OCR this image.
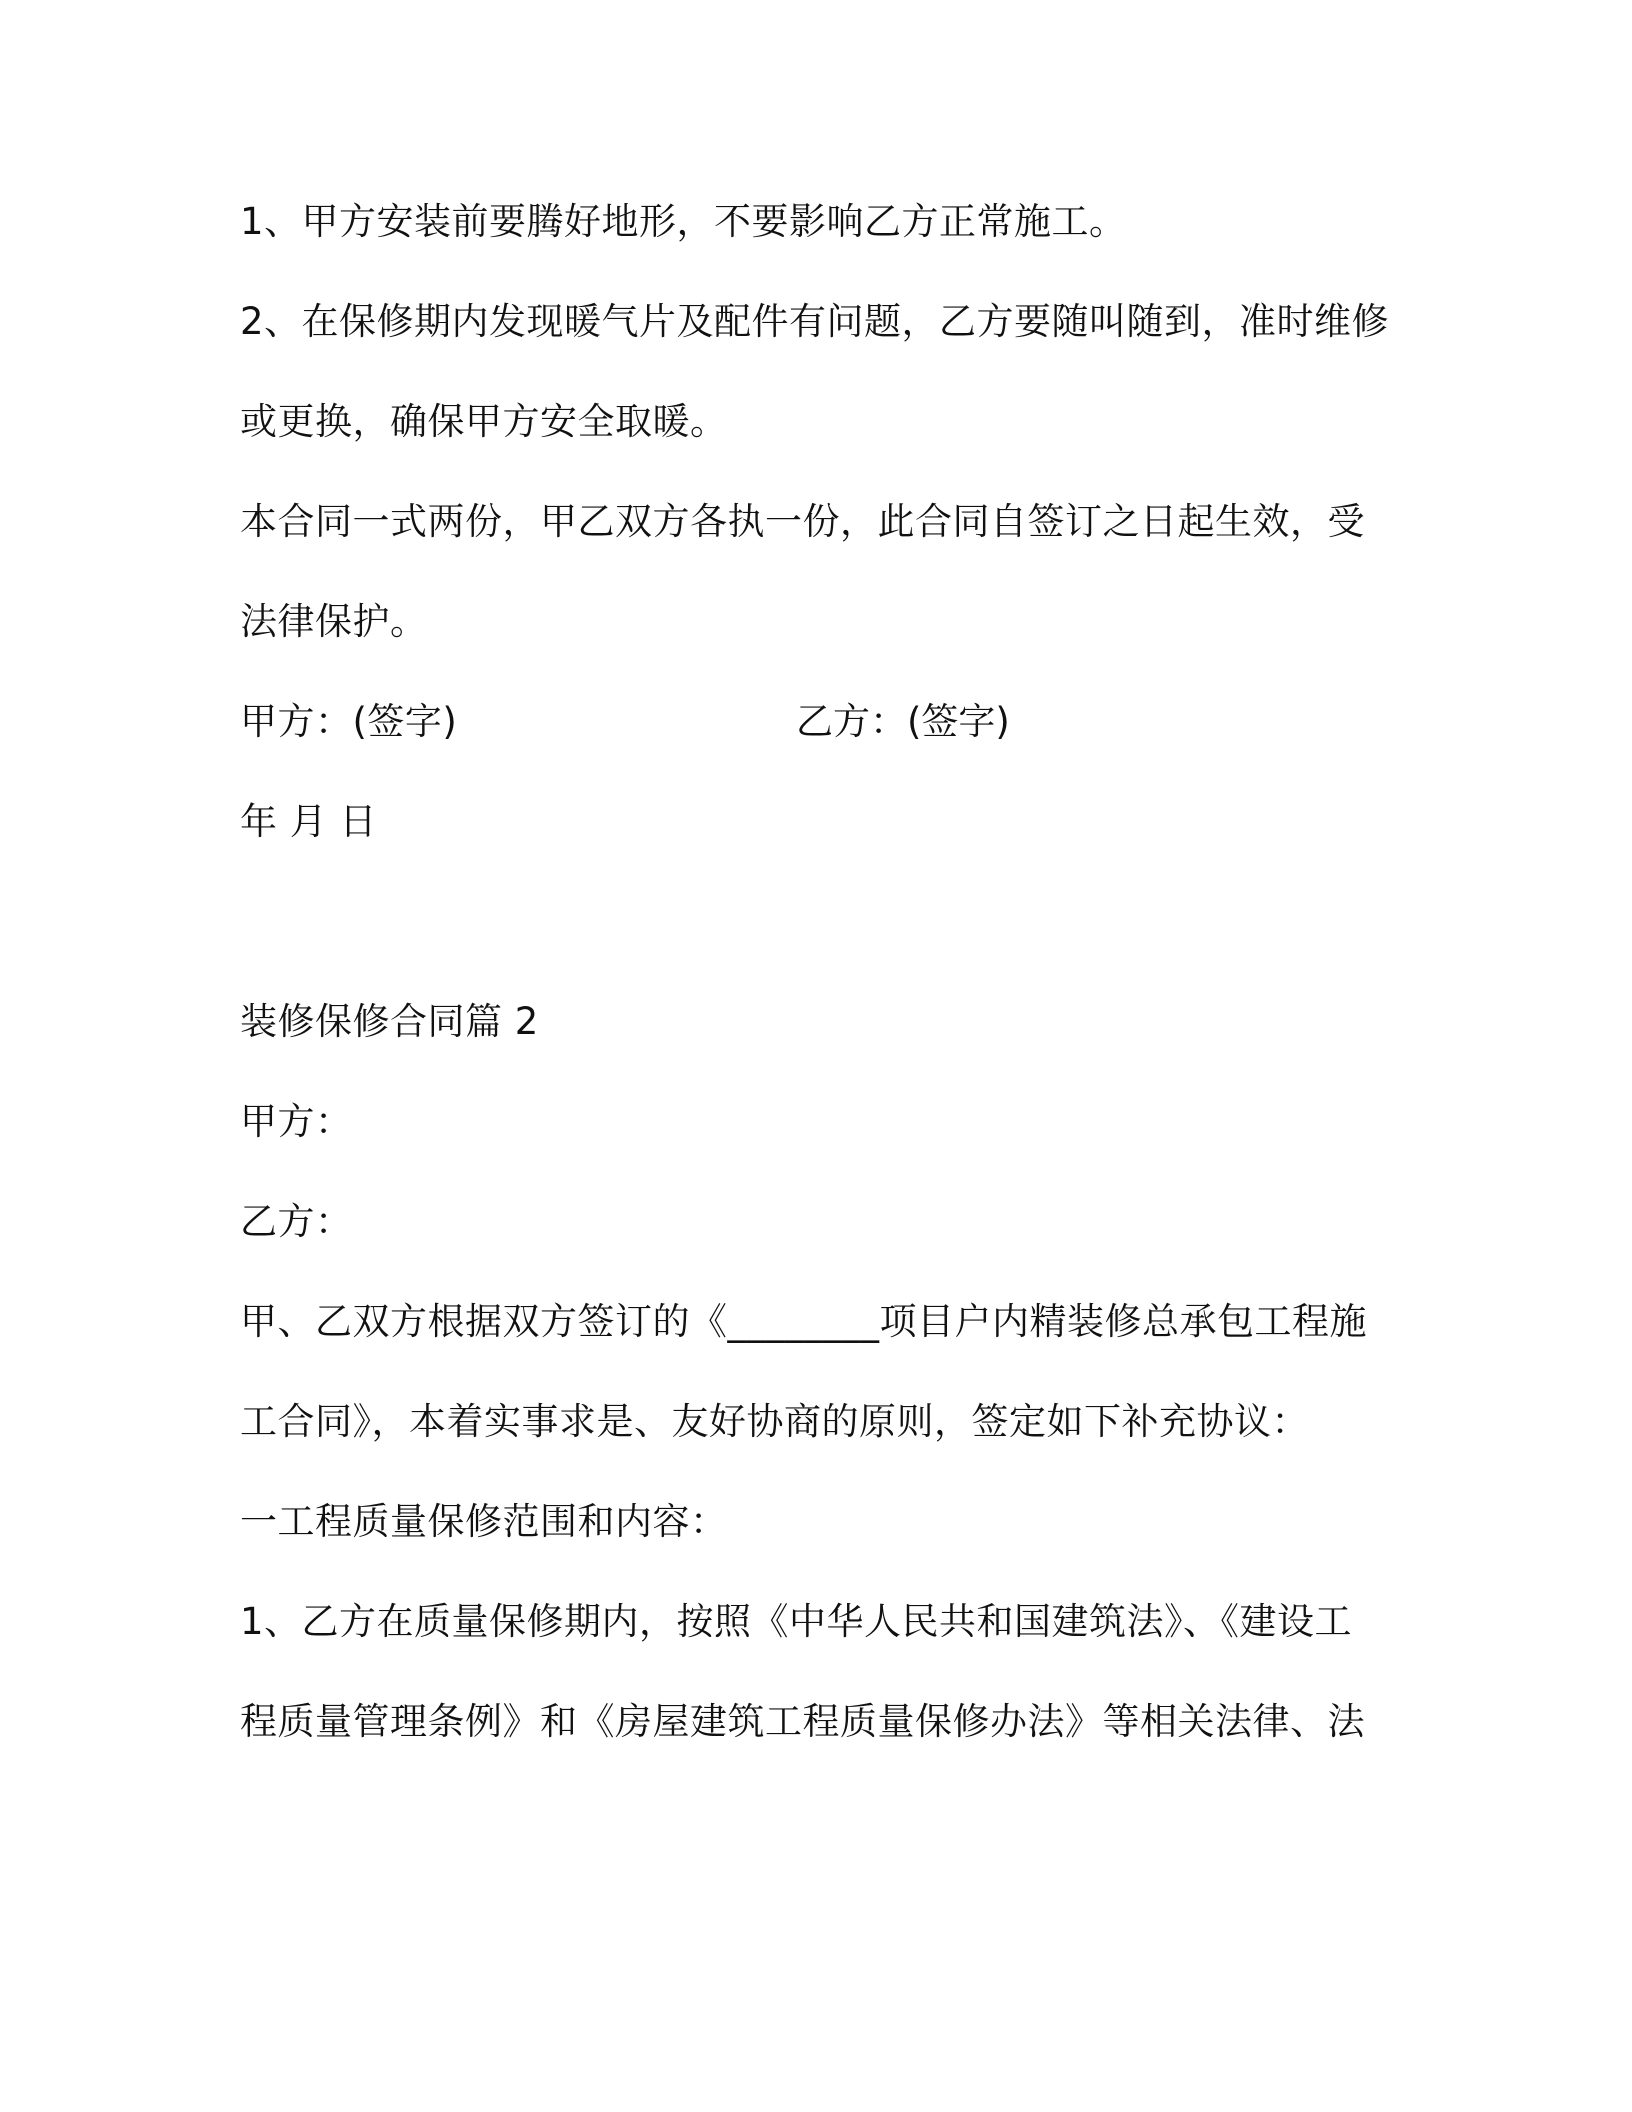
1、甲方安装前要腾好地形，不要影响乙方正常施工。
2、在保修期内发现暖气片及配件有问题，乙方要随叫随到，准时维修
或更换，确保甲方安全取暖。
本合同一式两份，甲乙双方各执一份，此合同自签订之日起生效，受
法律保护。
甲方：(签字)	乙方：(签字)
年 月 日
装修保修合同篇 2
甲方：
乙方：
甲、乙双方根据双方签订的《________项目户内精装修总承包工程施
工合同》，本着实事求是、友好协商的原则，签定如下补充协议：
一工程质量保修范围和内容：
1、乙方在质量保修期内，按照《中华人民共和国建筑法》、《建设工
程质量管理条例》和《房屋建筑工程质量保修办法》等相关法律、法
